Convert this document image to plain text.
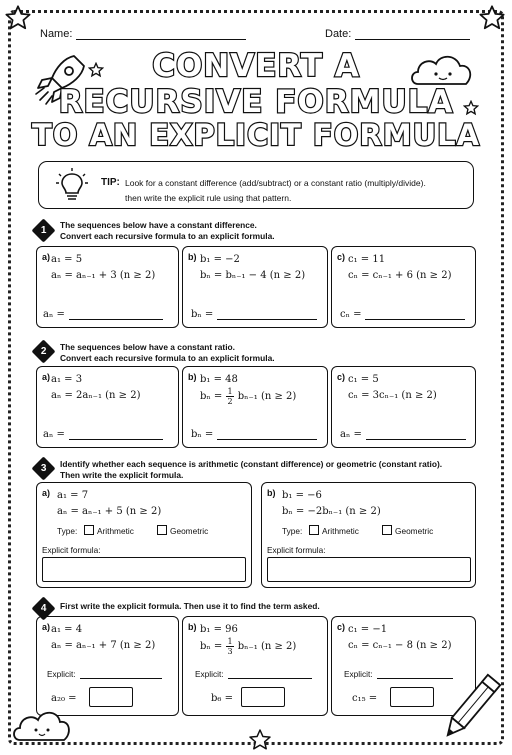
Name:	Date:
CONVERT A
RECURSIVE FORMULA
TO AN EXPLICIT FORMULA
TIP: Look for a constant difference (add/subtract) or a constant ratio (multiply/divide).
then write the explicit rule using that pattern.
1 The sequences below have a constant difference.
Convert each recursive formula to an explicit formula.
a) a₁ = 5
aₙ = aₙ₋₁ + 3 (n ≥ 2)
aₙ =
b) b₁ = −2
bₙ = bₙ₋₁ − 4 (n ≥ 2)
bₙ =
c) c₁ = 11
cₙ = cₙ₋₁ + 6 (n ≥ 2)
cₙ =
2 The sequences below have a constant ratio.
Convert each recursive formula to an explicit formula.
a) a₁ = 3
aₙ = 2aₙ₋₁ (n ≥ 2)
aₙ =
b) b₁ = 48
$b_n = \frac{1}{2} b_{n-1}$ (n ≥ 2)
bₙ =
c) c₁ = 5
cₙ = 3cₙ₋₁ (n ≥ 2)
aₙ =
3 Identify whether each sequence is arithmetic (constant difference) or geometric (constant ratio).
Then write the explicit formula.
a) a₁ = 7
aₙ = aₙ₋₁ + 5 (n ≥ 2)
Type: Arithmetic	Geometric
Explicit formula:
b) b₁ = −6
bₙ = −2bₙ₋₁ (n ≥ 2)
Type: Arithmetic	Geometric
Explicit formula:
4 First write the explicit formula. Then use it to find the term asked.
a) a₁ = 4
aₙ = aₙ₋₁ + 7 (n ≥ 2)
Explicit:
a₂₀ =
b) b₁ = 96
$b_n = \frac{1}{3} b_{n-1}$ (n ≥ 2)
Explicit:
b₆ =
c) c₁ = −1
cₙ = cₙ₋₁ − 8 (n ≥ 2)
Explicit:
c₁₅ =
